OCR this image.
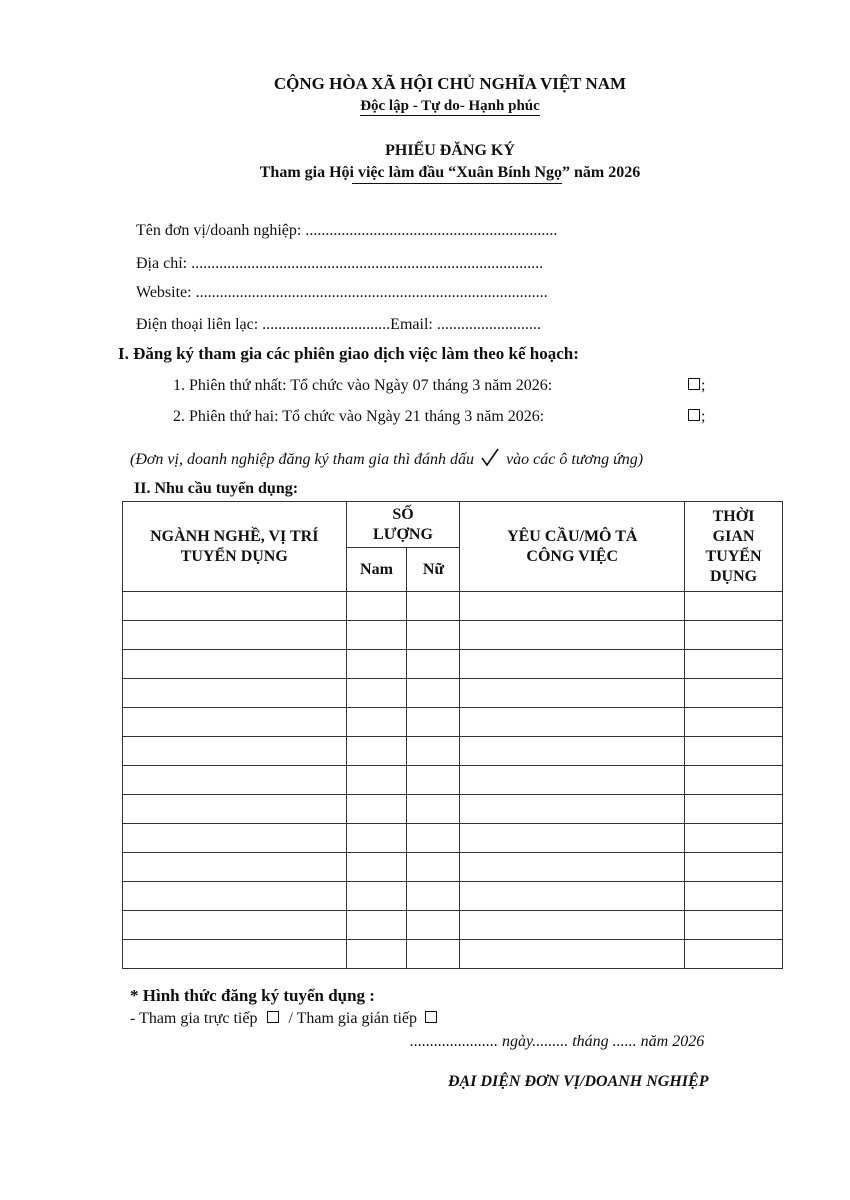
CỘNG HÒA XÃ HỘI CHỦ NGHĨA VIỆT NAM
Độc lập - Tự do- Hạnh phúc
PHIẾU ĐĂNG KÝ
Tham gia Hội việc làm đầu “Xuân Bính Ngọ” năm 2026
Tên đơn vị/doanh nghiệp: ...............................................................
Địa chỉ: ........................................................................................
Website: ........................................................................................
Điện thoại liên lạc: ................................Email: ..........................
I. Đăng ký tham gia các phiên giao dịch việc làm theo kế hoạch:
1. Phiên thứ nhất: Tổ chức vào Ngày 07 tháng 3 năm 2026:	;
2. Phiên thứ hai: Tổ chức vào Ngày 21 tháng 3 năm 2026:	;
(Đơn vị, doanh nghiệp đăng ký tham gia thì đánh dấu vào các ô tương ứng)
II. Nhu cầu tuyển dụng:
NGÀNH NGHỀ, VỊ TRÍ TUYỂN DỤNG	SỐ LƯỢNG		YÊU CẦU/MÔ TẢ CÔNG VIỆC	THỜI GIAN TUYỂN DỤNG
	Nam	Nữ		

* Hình thức đăng ký tuyển dụng :
- Tham gia trực tiếp / Tham gia gián tiếp
...................... ngày......... tháng ...... năm 2026
ĐẠI DIỆN ĐƠN VỊ/DOANH NGHIỆP
